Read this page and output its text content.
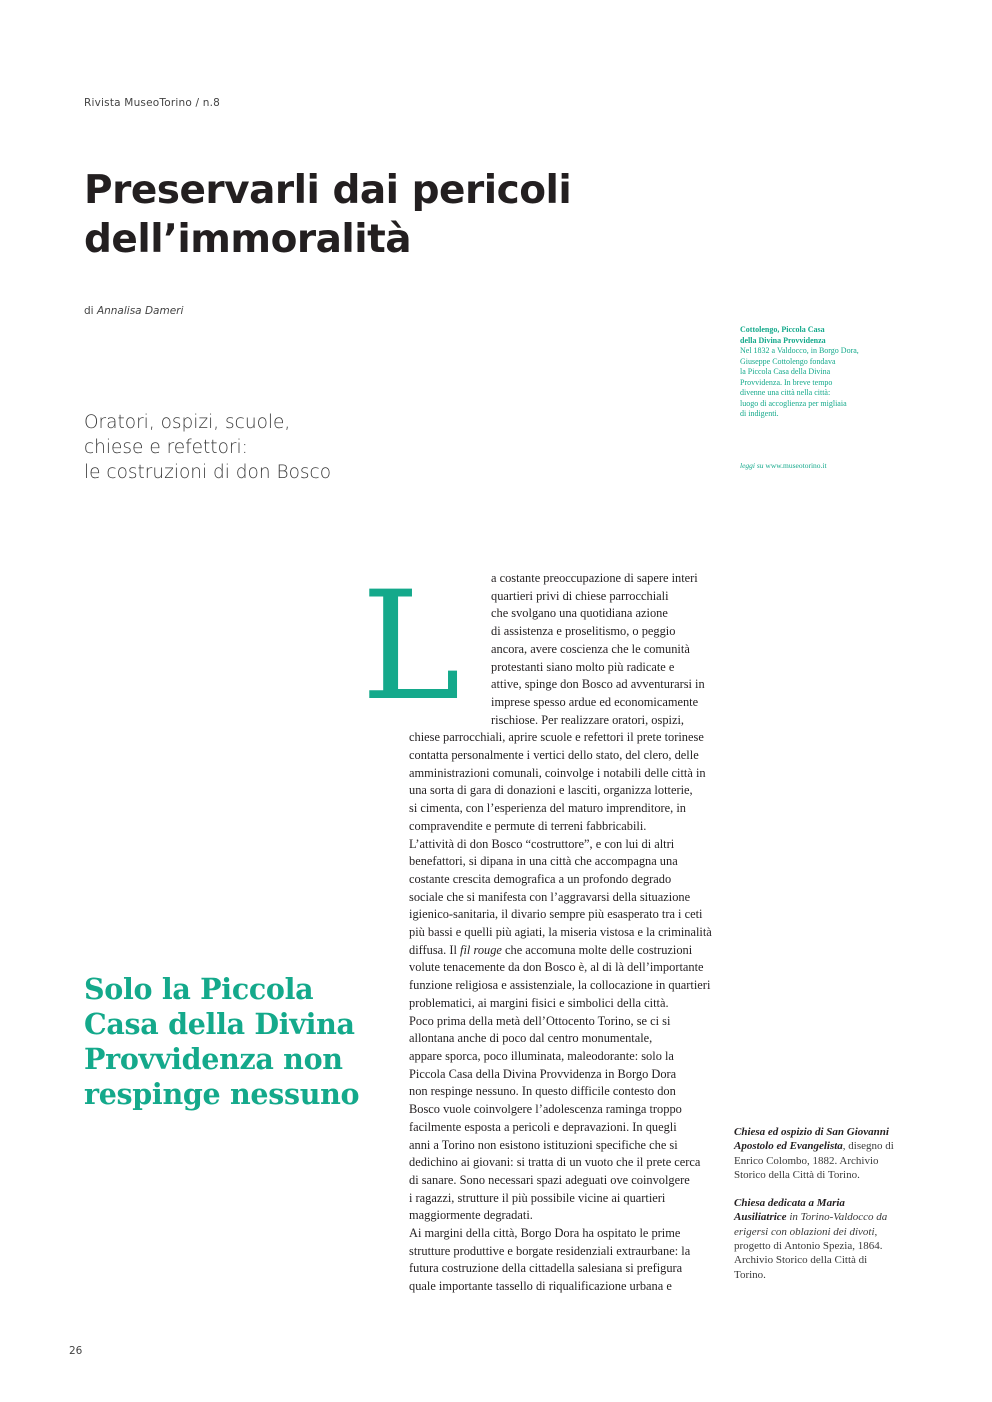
Rivista MuseoTorino / n.8
Preservarli dai pericoli
dell’immoralità
di Annalisa Dameri
Cottolengo, Piccola Casa
della Divina Provvidenza
Nel 1832 a Valdocco, in Borgo Dora,
Giuseppe Cottolengo fondava
la Piccola Casa della Divina
Provvidenza. In breve tempo
divenne una città nella città:
luogo di accoglienza per migliaia
di indigenti.
leggi su www.museotorino.it
Oratori, ospizi, scuole,
chiese e refettori:
le costruzioni di don Bosco
L	a costante preoccupazione di sapere interi
quartieri privi di chiese parrocchiali
che svolgano una quotidiana azione
di assistenza e proselitismo, o peggio
ancora, avere coscienza che le comunità
protestanti siano molto più radicate e
attive, spinge don Bosco ad avventurarsi in
imprese spesso ardue ed economicamente
rischiose. Per realizzare oratori, ospizi,
chiese parrocchiali, aprire scuole e refettori il prete torinese
contatta personalmente i vertici dello stato, del clero, delle
amministrazioni comunali, coinvolge i notabili delle città in
una sorta di gara di donazioni e lasciti, organizza lotterie,
si cimenta, con l’esperienza del maturo imprenditore, in
compravendite e permute di terreni fabbricabili.
L’attività di don Bosco “costruttore”, e con lui di altri
benefattori, si dipana in una città che accompagna una
costante crescita demografica a un profondo degrado
sociale che si manifesta con l’aggravarsi della situazione
igienico-sanitaria, il divario sempre più esasperato tra i ceti
più bassi e quelli più agiati, la miseria vistosa e la criminalità
diffusa. Il fil rouge che accomuna molte delle costruzioni
volute tenacemente da don Bosco è, al di là dell’importante
funzione religiosa e assistenziale, la collocazione in quartieri
problematici, ai margini fisici e simbolici della città.
Poco prima della metà dell’Ottocento Torino, se ci si
allontana anche di poco dal centro monumentale,
appare sporca, poco illuminata, maleodorante: solo la
Piccola Casa della Divina Provvidenza in Borgo Dora
non respinge nessuno. In questo difficile contesto don
Bosco vuole coinvolgere l’adolescenza raminga troppo
facilmente esposta a pericoli e depravazioni. In quegli
anni a Torino non esistono istituzioni specifiche che si
dedichino ai giovani: si tratta di un vuoto che il prete cerca
di sanare. Sono necessari spazi adeguati ove coinvolgere
i ragazzi, strutture il più possibile vicine ai quartieri
maggiormente degradati.
Ai margini della città, Borgo Dora ha ospitato le prime
strutture produttive e borgate residenziali extraurbane: la
futura costruzione della cittadella salesiana si prefigura
quale importante tassello di riqualificazione urbana e
Solo la Piccola
Casa della Divina
Provvidenza non
respinge nessuno
Chiesa ed ospizio di San Giovanni Apostolo ed Evangelista, disegno di Enrico Colombo, 1882. Archivio Storico della Città di Torino.
Chiesa dedicata a Maria Ausiliatrice in Torino-Valdocco da erigersi con oblazioni dei divoti, progetto di Antonio Spezia, 1864. Archivio Storico della Città di Torino.
26
